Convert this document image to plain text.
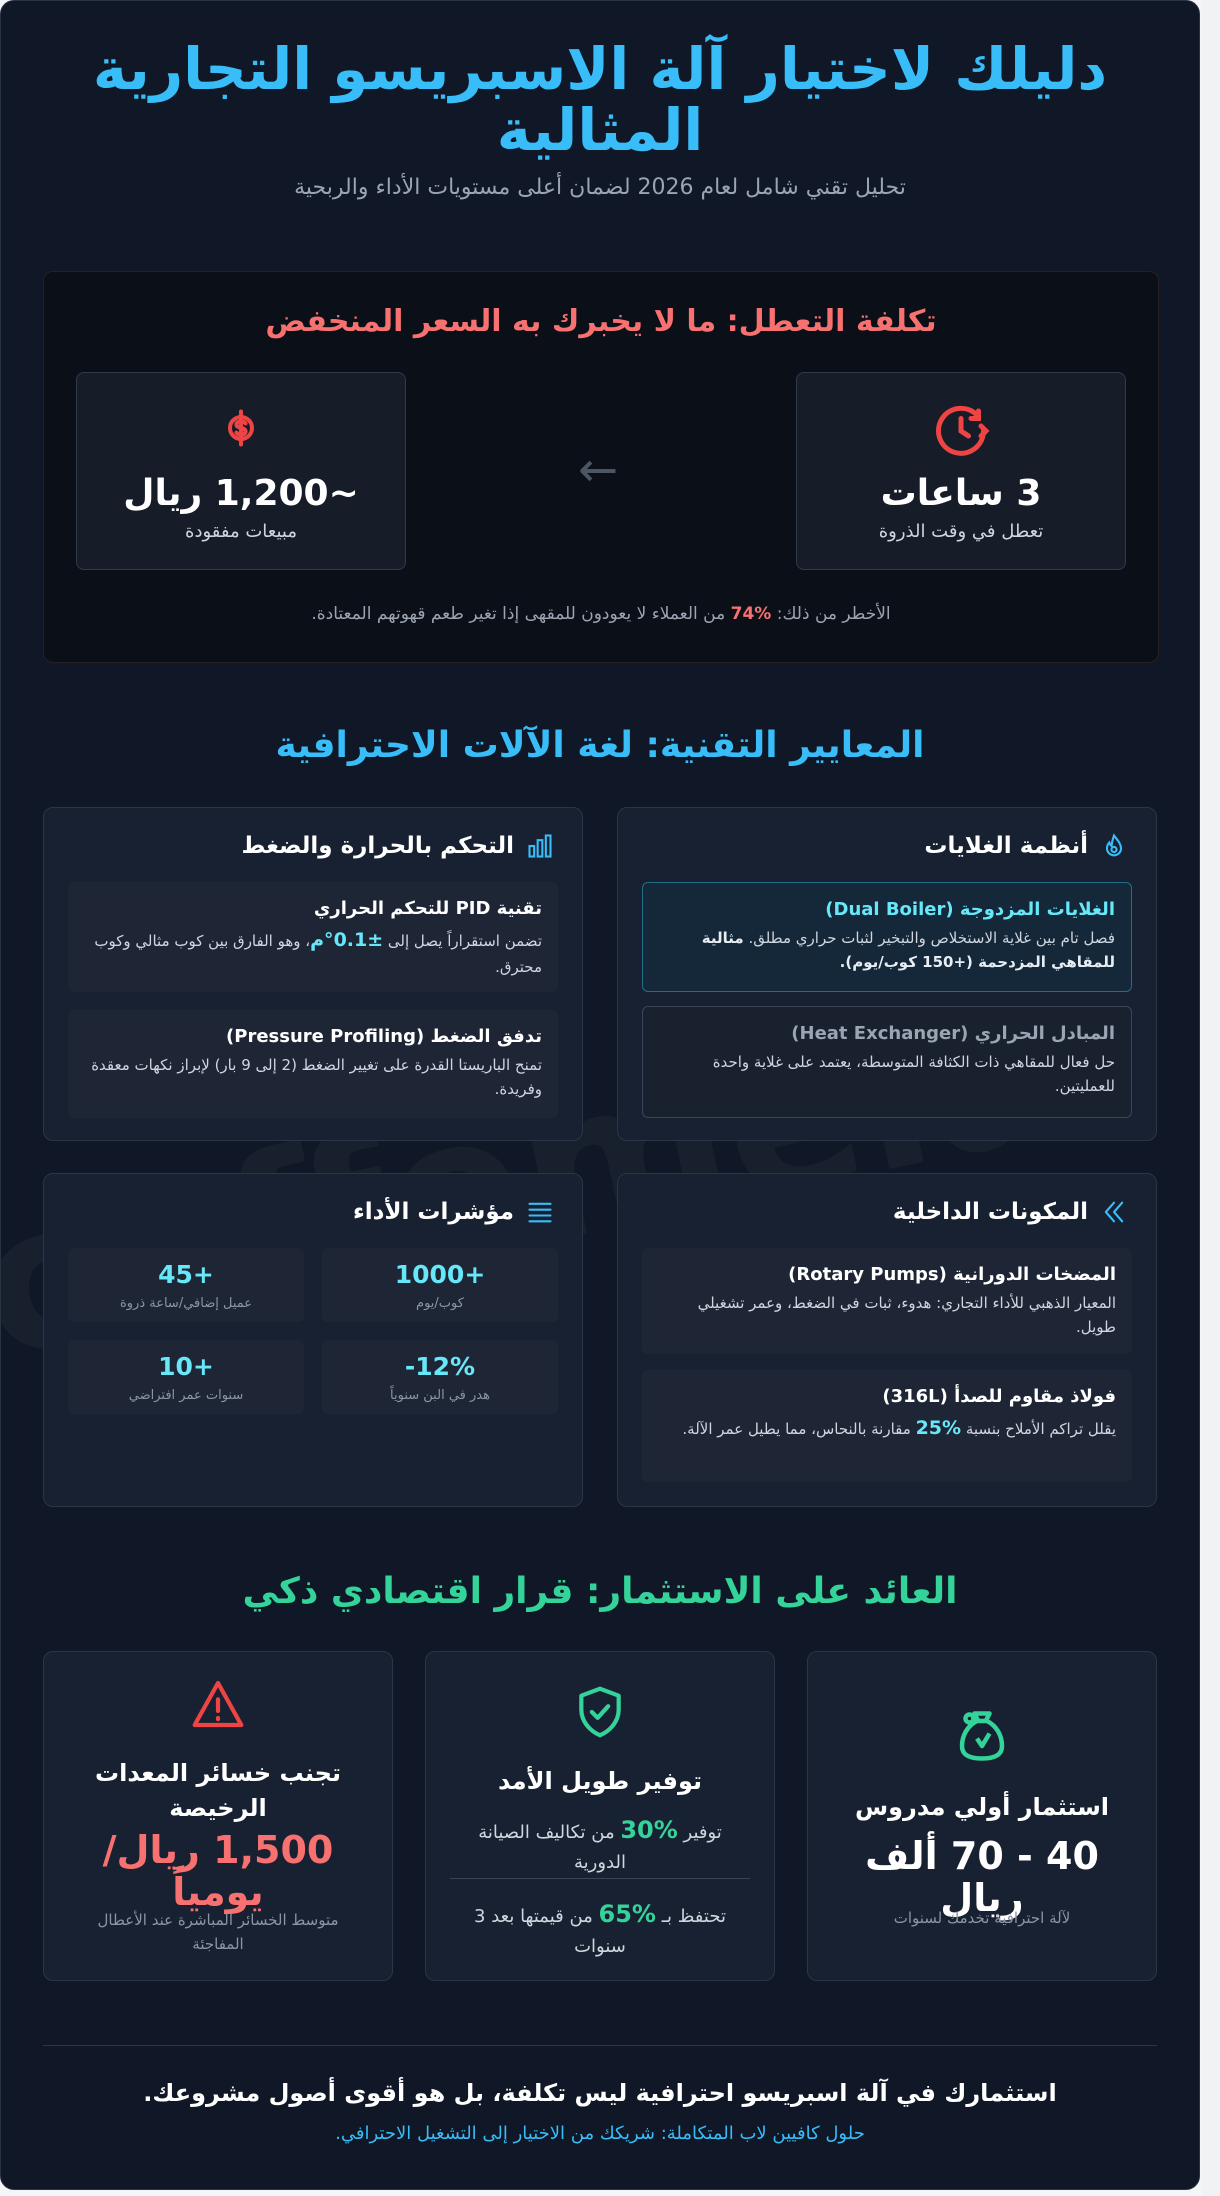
دليلك لاختيار آلة الاسبريسو التجارية المثالية

تحليل تقني شامل لعام 2026 لضمان أعلى مستويات الأداء والربحية

تكلفة التعطل: ما لا يخبرك به السعر المنخفض
3 ساعات
تعطل في وقت الذروة
←
~1,200 ريال
مبيعات مفقودة

الأخطر من ذلك: 74% من العملاء لا يعودون للمقهى إذا تغير طعم قهوتهم المعتادة.

المعايير التقنية: لغة الآلات الاحترافية
أنظمة الغلايات
الغلايات المزدوجة (Dual Boiler)
فصل تام بين غلاية الاستخلاص والتبخير لثبات حراري مطلق. مثالية للمقاهي المزدحمة (+150 كوب/يوم).
المبادل الحراري (Heat Exchanger)
حل فعال للمقاهي ذات الكثافة المتوسطة، يعتمد على غلاية واحدة للعمليتين.
التحكم بالحرارة والضغط
تقنية PID للتحكم الحراري
تضمن استقراراً يصل إلى ±0.1°م، وهو الفارق بين كوب مثالي وكوب محترق.
تدفق الضغط (Pressure Profiling)
تمنح الباريستا القدرة على تغيير الضغط (2 إلى 9 بار) لإبراز نكهات معقدة وفريدة.
المكونات الداخلية
المضخات الدورانية (Rotary Pumps)
المعيار الذهبي للأداء التجاري: هدوء، ثبات في الضغط، وعمر تشغيلي طويل.
فولاذ مقاوم للصدأ (316L)
يقلل تراكم الأملاح بنسبة 25% مقارنة بالنحاس، مما يطيل عمر الآلة.
مؤشرات الأداء
1000+
كوب/يوم
45+
عميل إضافي/ساعة ذروة
-12%
هدر في البن سنوياً
10+
سنوات عمر افتراضي
العائد على الاستثمار: قرار اقتصادي ذكي
استثمار أولي مدروس
40 - 70 ألف ريال
لآلة احترافية تخدمك لسنوات
توفير طويل الأمد
توفير 30% من تكاليف الصيانة الدورية
تحتفظ بـ 65% من قيمتها بعد 3 سنوات
تجنب خسائر المعدات الرخيصة
1,500 ريال/يومياً
متوسط الخسائر المباشرة عند الأعطال المفاجئة

استثمارك في آلة اسبريسو احترافية ليس تكلفة، بل هو أقوى أصول مشروعك.

حلول كافيين لاب المتكاملة: شريكك من الاختيار إلى التشغيل الاحترافي.
